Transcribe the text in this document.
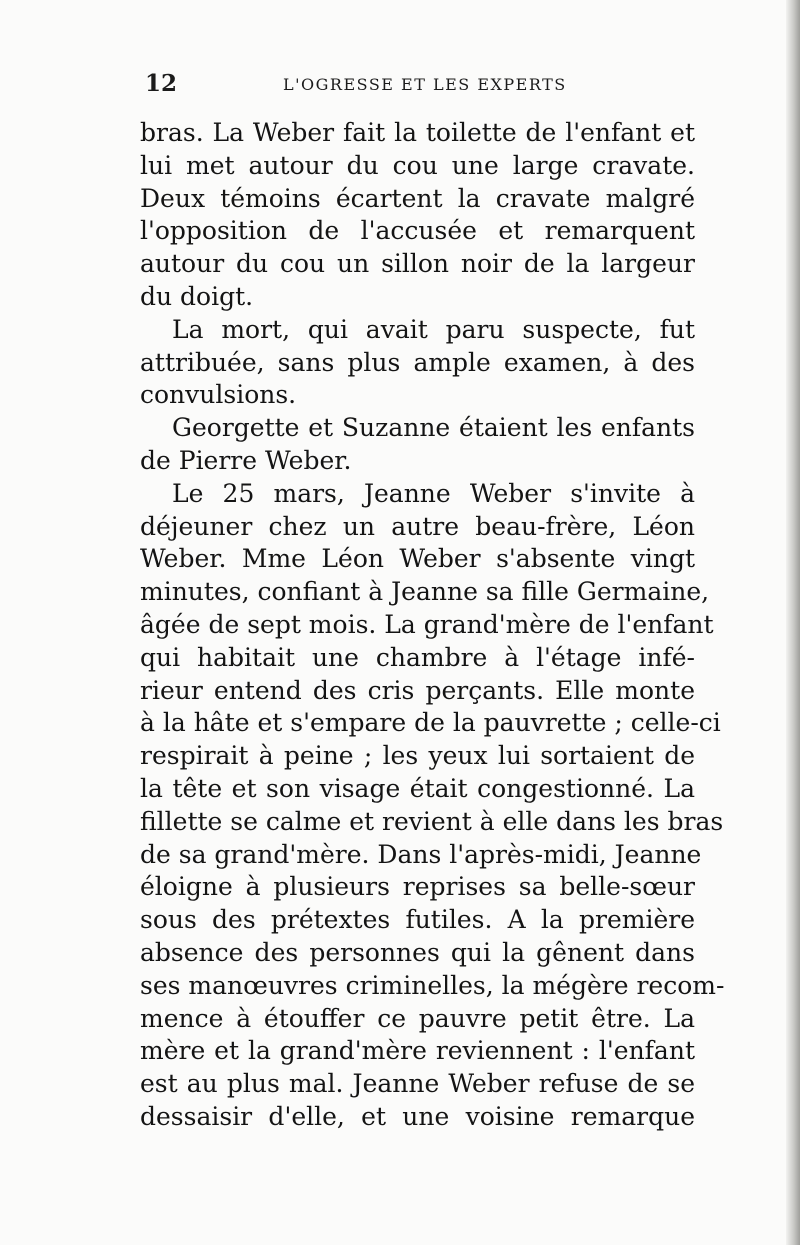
12	L'OGRESSE ET LES EXPERTS
bras. La Weber fait la toilette de l'enfant et
lui met autour du cou une large cravate.
Deux témoins écartent la cravate malgré
l'opposition de l'accusée et remarquent
autour du cou un sillon noir de la largeur
du doigt.
La mort, qui avait paru suspecte, fut
attribuée, sans plus ample examen, à des
convulsions.
Georgette et Suzanne étaient les enfants
de Pierre Weber.
Le 25 mars, Jeanne Weber s'invite à
déjeuner chez un autre beau-frère, Léon
Weber. Mme Léon Weber s'absente vingt
minutes, confiant à Jeanne sa fille Germaine,
âgée de sept mois. La grand'mère de l'enfant
qui habitait une chambre à l'étage infé-
rieur entend des cris perçants. Elle monte
à la hâte et s'empare de la pauvrette ; celle-ci
respirait à peine ; les yeux lui sortaient de
la tête et son visage était congestionné. La
fillette se calme et revient à elle dans les bras
de sa grand'mère. Dans l'après-midi, Jeanne
éloigne à plusieurs reprises sa belle-sœur
sous des prétextes futiles. A la première
absence des personnes qui la gênent dans
ses manœuvres criminelles, la mégère recom-
mence à étouffer ce pauvre petit être. La
mère et la grand'mère reviennent : l'enfant
est au plus mal. Jeanne Weber refuse de se
dessaisir d'elle, et une voisine remarque
